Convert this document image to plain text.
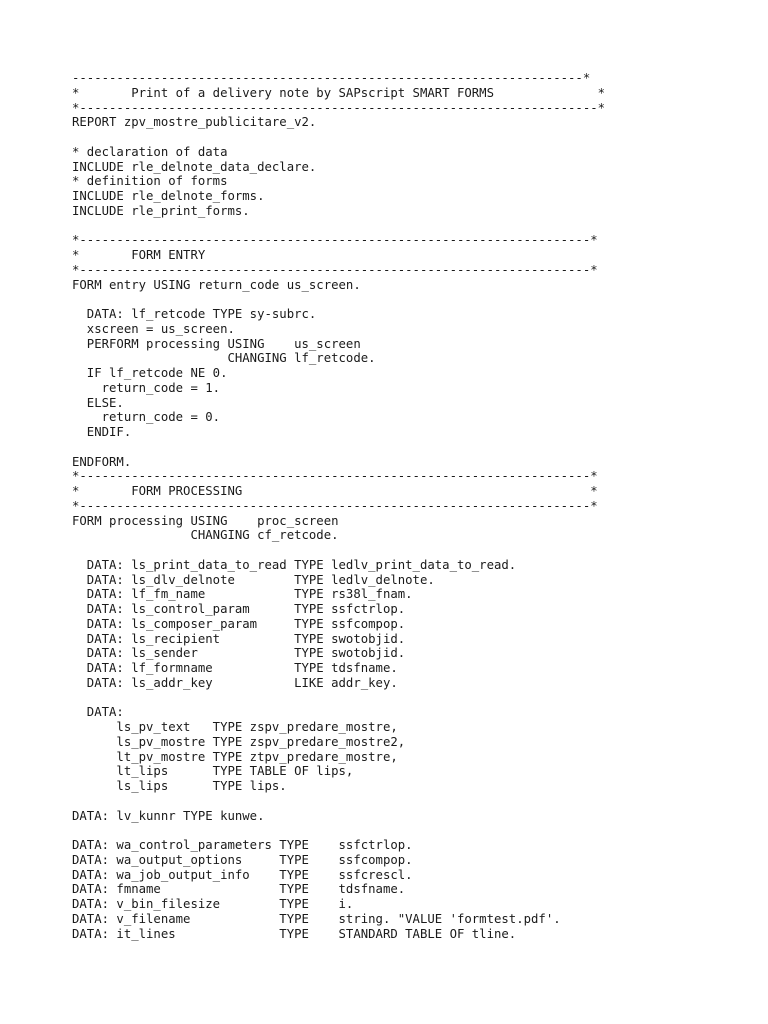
---------------------------------------------------------------------*
*       Print of a delivery note by SAPscript SMART FORMS              *
*----------------------------------------------------------------------*
REPORT zpv_mostre_publicitare_v2.

* declaration of data
INCLUDE rle_delnote_data_declare.
* definition of forms
INCLUDE rle_delnote_forms.
INCLUDE rle_print_forms.

*---------------------------------------------------------------------*
*       FORM ENTRY
*---------------------------------------------------------------------*
FORM entry USING return_code us_screen.

DATA: lf_retcode TYPE sy-subrc.
xscreen = us_screen.
PERFORM processing USING    us_screen
CHANGING lf_retcode.
IF lf_retcode NE 0.
return_code = 1.
ELSE.
return_code = 0.
ENDIF.

ENDFORM.
*---------------------------------------------------------------------*
*       FORM PROCESSING                                               *
*---------------------------------------------------------------------*
FORM processing USING    proc_screen
CHANGING cf_retcode.

DATA: ls_print_data_to_read TYPE ledlv_print_data_to_read.
DATA: ls_dlv_delnote        TYPE ledlv_delnote.
DATA: lf_fm_name            TYPE rs38l_fnam.
DATA: ls_control_param      TYPE ssfctrlop.
DATA: ls_composer_param     TYPE ssfcompop.
DATA: ls_recipient          TYPE swotobjid.
DATA: ls_sender             TYPE swotobjid.
DATA: lf_formname           TYPE tdsfname.
DATA: ls_addr_key           LIKE addr_key.

DATA:
ls_pv_text   TYPE zspv_predare_mostre,
ls_pv_mostre TYPE zspv_predare_mostre2,
lt_pv_mostre TYPE ztpv_predare_mostre,
lt_lips      TYPE TABLE OF lips,
ls_lips      TYPE lips.

DATA: lv_kunnr TYPE kunwe.

DATA: wa_control_parameters TYPE    ssfctrlop.
DATA: wa_output_options     TYPE    ssfcompop.
DATA: wa_job_output_info    TYPE    ssfcrescl.
DATA: fmname                TYPE    tdsfname.
DATA: v_bin_filesize        TYPE    i.
DATA: v_filename            TYPE    string. "VALUE 'formtest.pdf'.
DATA: it_lines              TYPE    STANDARD TABLE OF tline.
